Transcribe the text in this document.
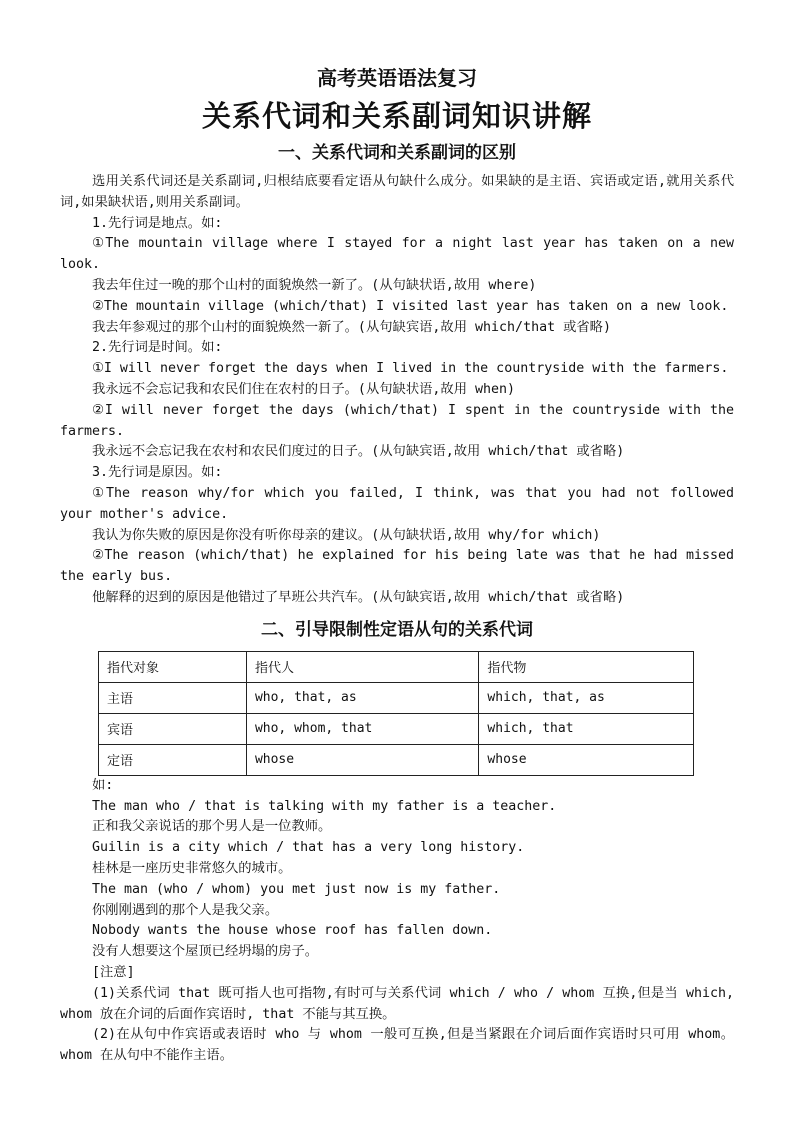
高考英语语法复习
关系代词和关系副词知识讲解
一、关系代词和关系副词的区别

选用关系代词还是关系副词,归根结底要看定语从句缺什么成分。如果缺的是主语、宾语或定语,就用关系代词,如果缺状语,则用关系副词。

1.先行词是地点。如:

①The mountain village where I stayed for a night last year has taken on a new look.

我去年住过一晚的那个山村的面貌焕然一新了。(从句缺状语,故用 where)

②The mountain village (which/that) I visited last year has taken on a new look.

我去年参观过的那个山村的面貌焕然一新了。(从句缺宾语,故用 which/that 或省略)

2.先行词是时间。如:

①I will never forget the days when I lived in the countryside with the farmers.

我永远不会忘记我和农民们住在农村的日子。(从句缺状语,故用 when)

②I will never forget the days (which/that) I spent in the countryside with the farmers.

我永远不会忘记我在农村和农民们度过的日子。(从句缺宾语,故用 which/that 或省略)

3.先行词是原因。如:

①The reason why/for which you failed, I think, was that you had not followed your mother's advice.

我认为你失败的原因是你没有听你母亲的建议。(从句缺状语,故用 why/for which)

②The reason (which/that) he explained for his being late was that he had missed the early bus.

他解释的迟到的原因是他错过了早班公共汽车。(从句缺宾语,故用 which/that 或省略)

二、引导限制性定语从句的关系代词
指代对象	指代人	指代物
主语	who, that, as	which, that, as
宾语	who, whom, that	which, that
定语	whose	whose

如:

The man who / that is talking with my father is a teacher.

正和我父亲说话的那个男人是一位教师。

Guilin is a city which / that has a very long history.

桂林是一座历史非常悠久的城市。

The man (who / whom) you met just now is my father.

你刚刚遇到的那个人是我父亲。

Nobody wants the house whose roof has fallen down.

没有人想要这个屋顶已经坍塌的房子。

[注意]

(1)关系代词 that 既可指人也可指物,有时可与关系代词 which / who / whom 互换,但是当 which, whom 放在介词的后面作宾语时, that 不能与其互换。

(2)在从句中作宾语或表语时 who 与 whom 一般可互换,但是当紧跟在介词后面作宾语时只可用 whom。whom 在从句中不能作主语。
